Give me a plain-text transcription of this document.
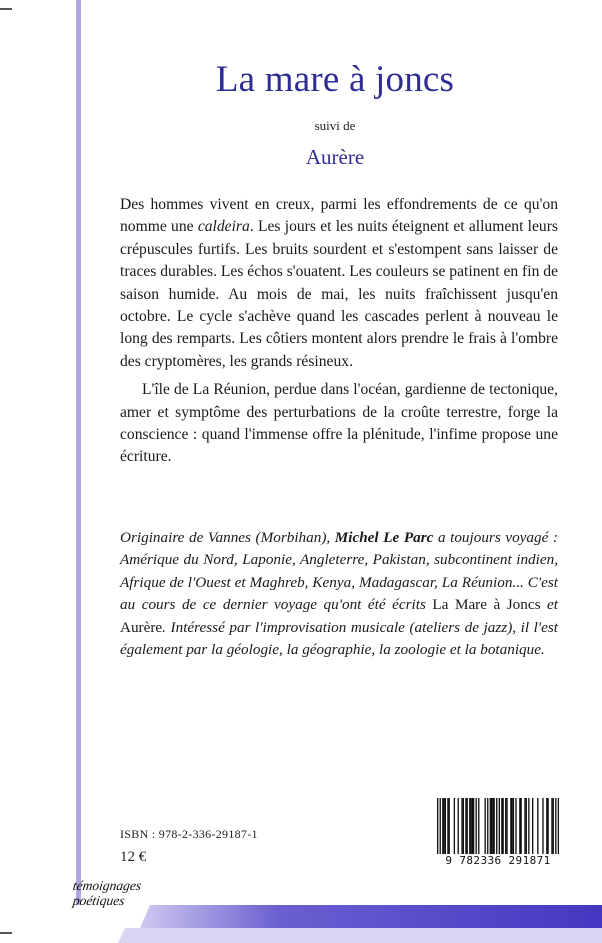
La mare à joncs
suivi de
Aurère

Des hommes vivent en creux, parmi les effondrements de ce qu'on nomme une caldeira. Les jours et les nuits éteignent et allument leurs crépuscules furtifs. Les bruits sourdent et s'estompent sans laisser de traces durables. Les échos s'ouatent. Les couleurs se patinent en fin de saison humide. Au mois de mai, les nuits fraîchissent jusqu'en octobre. Le cycle s'achève quand les cascades perlent à nouveau le long des remparts. Les côtiers montent alors prendre le frais à l'ombre des cryptomères, les grands résineux.

L'île de La Réunion, perdue dans l'océan, gardienne de tectonique, amer et symptôme des perturbations de la croûte terrestre, forge la conscience : quand l'immense offre la plénitude, l'infime propose une écriture.

Originaire de Vannes (Morbihan), Michel Le Parc a toujours voyagé : Amérique du Nord, Laponie, Angleterre, Pakistan, subcontinent indien, Afrique de l'Ouest et Maghreb, Kenya, Madagascar, La Réunion... C'est au cours de ce dernier voyage qu'ont été écrits La Mare à Joncs et Aurère. Intéressé par l'improvisation musicale (ateliers de jazz), il l'est également par la géologie, la géographie, la zoologie et la botanique.
ISBN : 978-2-336-29187-1
12 €	9 782336 291871
témoignages
poétiques
